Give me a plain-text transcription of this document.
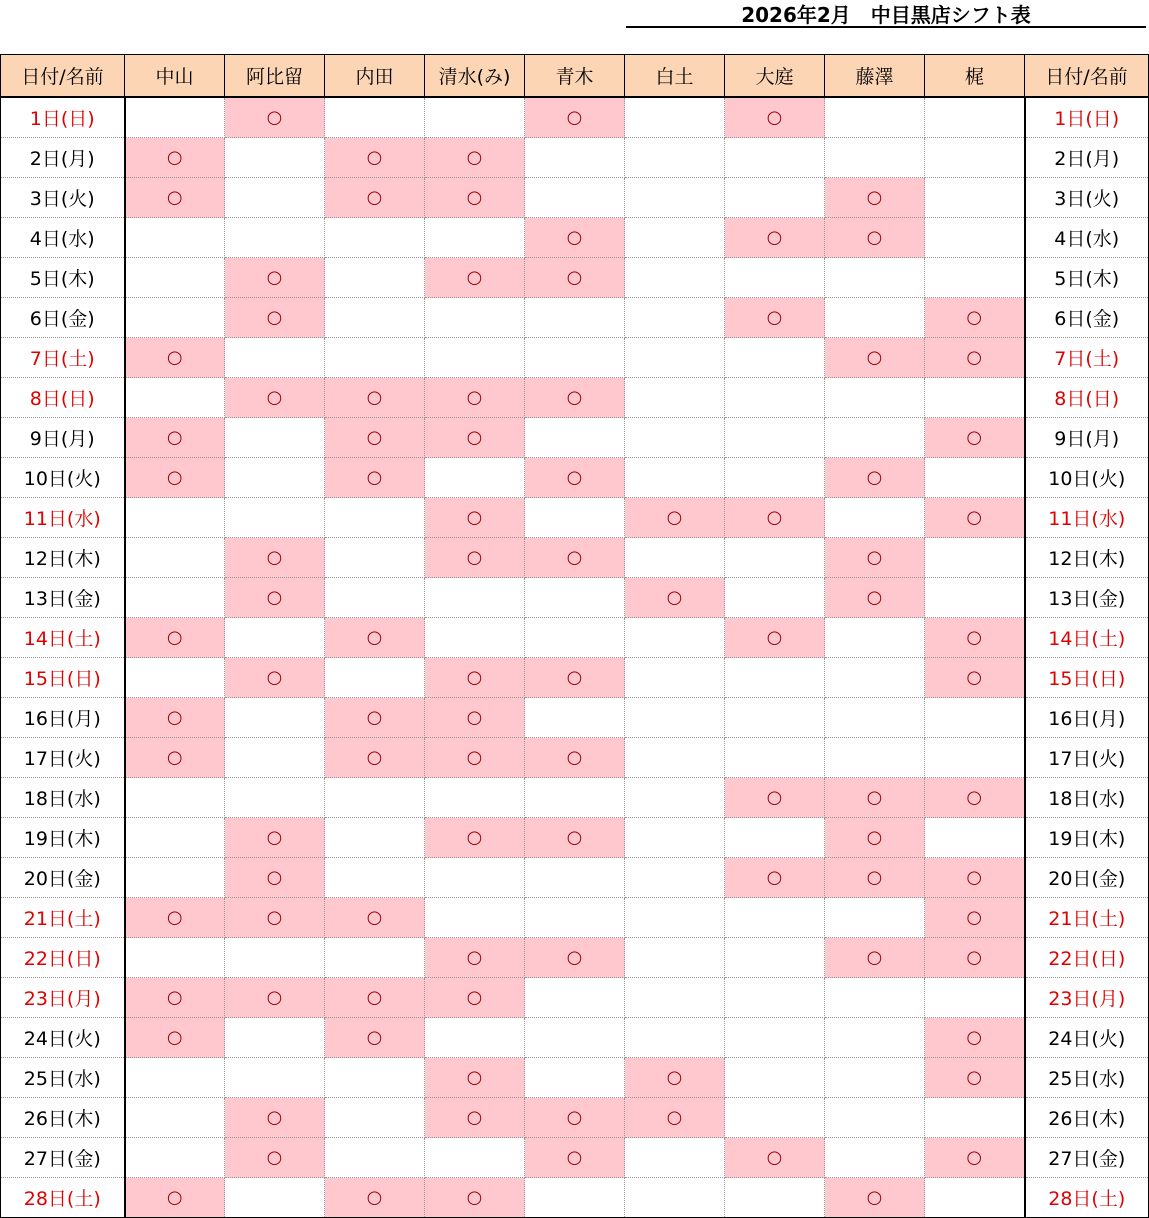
2026年2月　中目黒店シフト表
日付/名前	中山	阿比留	内田	清水(み)	青木	白土	大庭	藤澤	梶	日付/名前
1日(日)		○			○		○			1日(日)
2日(月)	○		○	○						2日(月)
3日(火)	○		○	○				○		3日(火)
4日(水)					○		○	○		4日(水)
5日(木)		○		○	○					5日(木)
6日(金)		○					○		○	6日(金)
7日(土)	○							○	○	7日(土)
8日(日)		○	○	○	○					8日(日)
9日(月)	○		○	○					○	9日(月)
10日(火)	○		○		○			○		10日(火)
11日(水)				○		○	○		○	11日(水)
12日(木)		○		○	○			○		12日(木)
13日(金)		○				○		○		13日(金)
14日(土)	○		○				○		○	14日(土)
15日(日)		○		○	○				○	15日(日)
16日(月)	○		○	○						16日(月)
17日(火)	○		○	○	○					17日(火)
18日(水)							○	○	○	18日(水)
19日(木)		○		○	○			○		19日(木)
20日(金)		○					○	○	○	20日(金)
21日(土)	○	○	○						○	21日(土)
22日(日)				○	○			○	○	22日(日)
23日(月)	○	○	○	○						23日(月)
24日(火)	○		○						○	24日(火)
25日(水)				○		○			○	25日(水)
26日(木)		○		○	○	○				26日(木)
27日(金)		○			○		○		○	27日(金)
28日(土)	○		○	○				○		28日(土)
